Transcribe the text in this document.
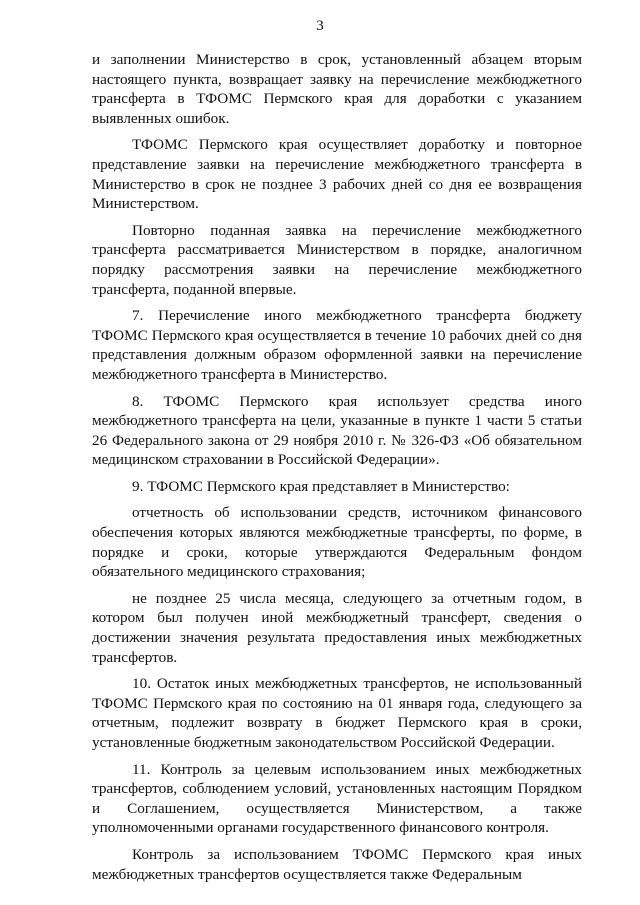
3

и заполнении Министерство в срок, установленный абзацем вторым настоящего пункта, возвращает заявку на перечисление межбюджетного трансферта в ТФОМС Пермского края для доработки с указанием выявленных ошибок.

ТФОМС Пермского края осуществляет доработку и повторное представление заявки на перечисление межбюджетного трансферта в Министерство в срок не позднее 3 рабочих дней со дня ее возвращения Министерством.

Повторно поданная заявка на перечисление межбюджетного трансферта рассматривается Министерством в порядке, аналогичном порядку рассмотрения заявки на перечисление межбюджетного трансферта, поданной впервые.

7. Перечисление иного межбюджетного трансферта бюджету ТФОМС Пермского края осуществляется в течение 10 рабочих дней со дня представления должным образом оформленной заявки на перечисление межбюджетного трансферта в Министерство.

8. ТФОМС Пермского края использует средства иного межбюджетного трансферта на цели, указанные в пункте 1 части 5 статьи 26 Федерального закона от 29 ноября 2010 г. № 326-ФЗ «Об обязательном медицинском страховании в Российской Федерации».

9. ТФОМС Пермского края представляет в Министерство:

отчетность об использовании средств, источником финансового обеспечения которых являются межбюджетные трансферты, по форме, в порядке и сроки, которые утверждаются Федеральным фондом обязательного медицинского страхования;

не позднее 25 числа месяца, следующего за отчетным годом, в котором был получен иной межбюджетный трансферт, сведения о достижении значения результата предоставления иных межбюджетных трансфертов.

10. Остаток иных межбюджетных трансфертов, не использованный ТФОМС Пермского края по состоянию на 01 января года, следующего за отчетным, подлежит возврату в бюджет Пермского края в сроки, установленные бюджетным законодательством Российской Федерации.

11. Контроль за целевым использованием иных межбюджетных трансфертов, соблюдением условий, установленных настоящим Порядком и Соглашением, осуществляется Министерством, а также уполномоченными органами государственного финансового контроля.

Контроль за использованием ТФОМС Пермского края иных межбюджетных трансфертов осуществляется также Федеральным
